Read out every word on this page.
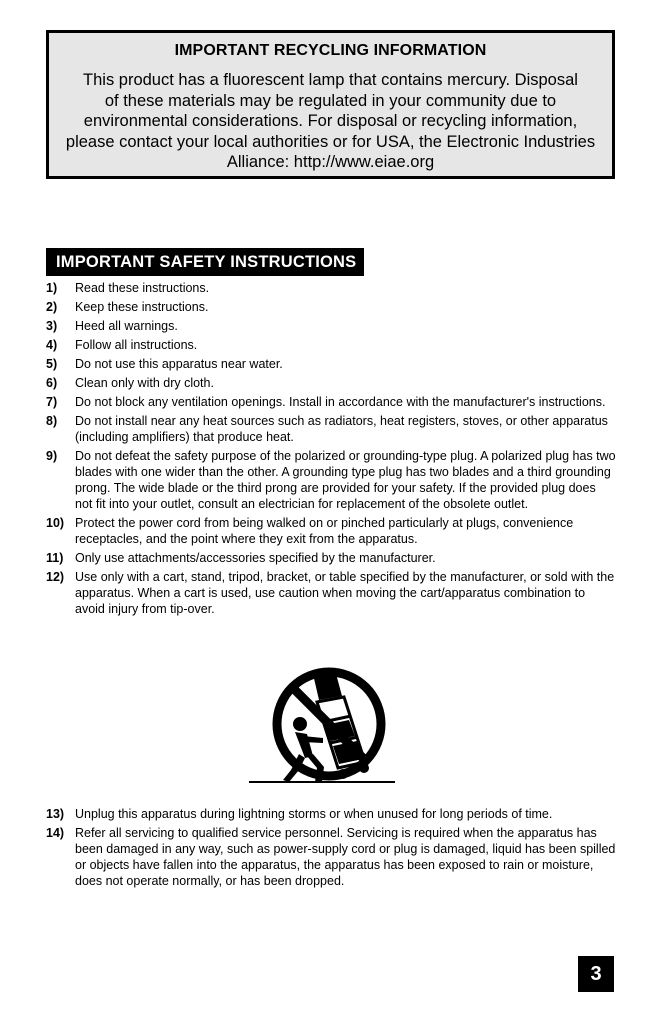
IMPORTANT RECYCLING INFORMATION
This product has a fluorescent lamp that contains mercury. Disposal
of these materials may be regulated in your community due to
environmental considerations. For disposal or recycling information,
please contact your local authorities or for USA, the Electronic Industries
Alliance: http://www.eiae.org
IMPORTANT SAFETY INSTRUCTIONS
1) Read these instructions.
2) Keep these instructions.
3) Heed all warnings.
4) Follow all instructions.
5) Do not use this apparatus near water.
6) Clean only with dry cloth.
7) Do not block any ventilation openings. Install in accordance with the manufacturer's instructions.
8) Do not install near any heat sources such as radiators, heat registers, stoves, or other apparatus (including amplifiers) that produce heat.
9) Do not defeat the safety purpose of the polarized or grounding-type plug. A polarized plug has two blades with one wider than the other. A grounding type plug has two blades and a third grounding prong. The wide blade or the third prong are provided for your safety. If the provided plug does not fit into your outlet, consult an electrician for replacement of the obsolete outlet.
10) Protect the power cord from being walked on or pinched particularly at plugs, convenience receptacles, and the point where they exit from the apparatus.
11) Only use attachments/accessories specified by the manufacturer.
12) Use only with a cart, stand, tripod, bracket, or table specified by the manufacturer, or sold with the apparatus. When a cart is used, use caution when moving the cart/apparatus combination to avoid injury from tip-over.
13) Unplug this apparatus during lightning storms or when unused for long periods of time.
14) Refer all servicing to qualified service personnel. Servicing is required when the apparatus has been damaged in any way, such as power-supply cord or plug is damaged, liquid has been spilled or objects have fallen into the apparatus, the apparatus has been exposed to rain or moisture, does not operate normally, or has been dropped.
3
